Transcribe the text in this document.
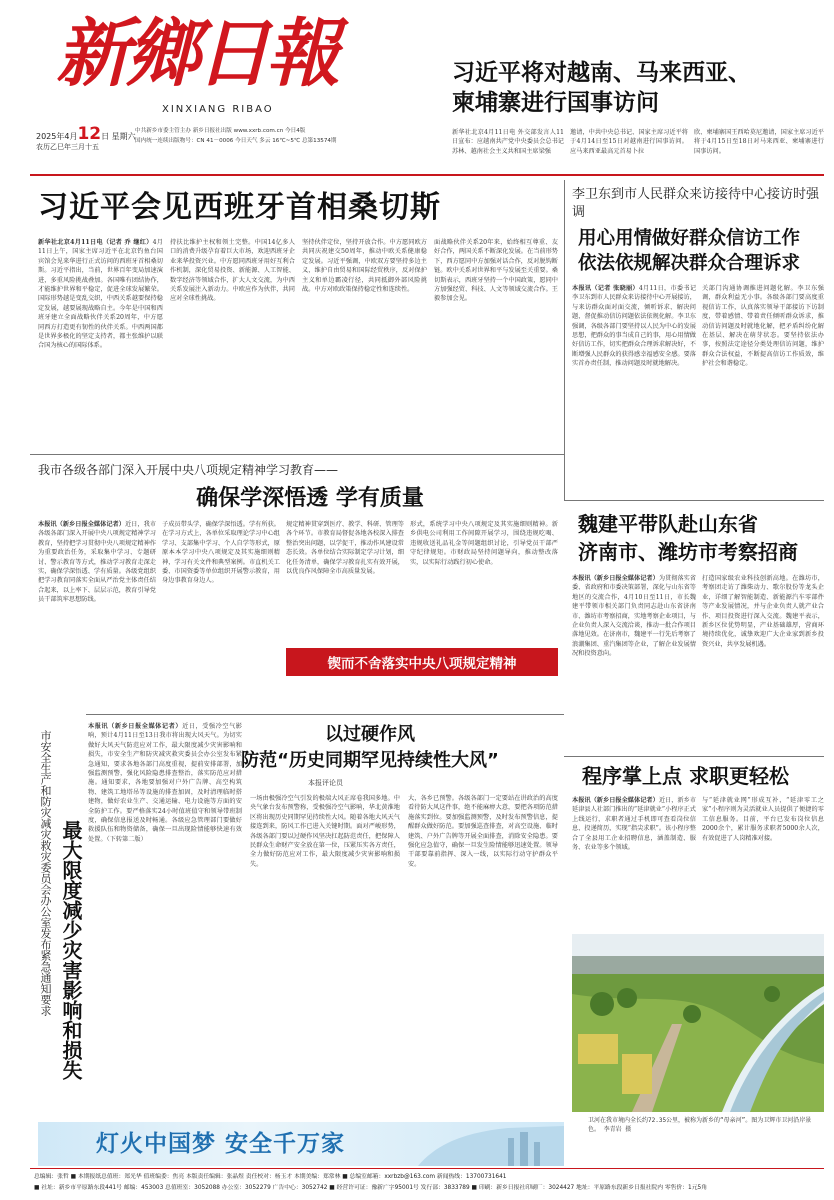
新鄉日報
XINXIANG RIBAO
2025年4月12日 星期六
农历乙巳年三月十五
中共新乡市委主管主办 新乡日报社出版 www.xxrb.com.cn 今日4版
国内统一连续出版物号：CN 41－0006 今日天气 多云 16℃~5℃ 总第13574期
习近平将对越南、马来西亚、
柬埔寨进行国事访问
新华社北京4月11日电 外交部发言人11日宣布：应越南共产党中央委员会总书记苏林、越南社会主义共和国主席梁强
邀请，中共中央总书记、国家主席习近平将于4月14日至15日对越南进行国事访问。应马来西亚最高元首易卜拉
欣、柬埔寨国王西哈莫尼邀请，国家主席习近平将于4月15日至18日对马来西亚、柬埔寨进行国事访问。
习近平会见西班牙首相桑切斯
新华社北京4月11日电（记者 乔 继红）4月11日上午，国家主席习近平在北京钓鱼台国宾馆会见来华进行正式访问的西班牙首相桑切斯。习近平指出，当前，世界百年变局加速演进，多重风险挑战叠加。各国唯有团结协作，才能维护世界和平稳定，促进全球发展繁荣。国际形势越是变乱交织，中西关系越要保持稳定发展，越要展现战略自主。今年是中国和西班牙建立全面战略伙伴关系20周年，中方愿同西方打造更有韧性的伙伴关系。中西两国都是世界多极化的坚定支持者，都主张维护以联合国为核心的国际体系。
持扶比维护主权和领土完整。中国14亿多人口的消费升级孕育着巨大市场，欢迎西班牙企业来华投资兴业。中方愿同西班牙用好互利合作机制，深化贸易投资、新能源、人工智能、数字经济等领域合作，扩大人文交流，为中西关系发展注入新动力。中欧应作为伙伴，共同应对全球性挑战。
坚持伙伴定位，坚持开放合作。中方愿同欧方共同庆祝建交50周年，推动中欧关系健康稳定发展。习近平强调，中欧双方要坚持多边主义，维护自由贸易和国际经贸秩序，反对保护主义和单边霸凌行径，共同抵御外部风险挑战。中方对欧政策保持稳定性和连续性。
面战略伙伴关系20年来，始终相互尊重、友好合作，两国关系不断深化发展。在当前形势下，西方愿同中方加强对话合作，反对脱钩断链。欧中关系对世界和平与发展至关重要。桑切斯表示，西班牙坚持一个中国政策，愿同中方加强经贸、科技、人文等领域交流合作。王毅参加会见。
李卫东到市人民群众来访接待中心接访时强调
用心用情做好群众信访工作
依法依规解决群众合理诉求
本报讯（记者 张晓丽）4月11日，市委书记李卫东到市人民群众来访接待中心开展接访，与来访群众面对面交流，倾听诉求、解决问题，督促推动信访问题依法依规化解。李卫东强调，各级各部门要坚持以人民为中心的发展思想，把群众的事当成自己的事，用心用情做好信访工作，切实把群众合理诉求解决好，不断增强人民群众的获得感幸福感安全感。要落实首办责任制，推动问题及时就地解决。
关部门沟通协调推进问题化解。李卫东强调，群众利益无小事。各级各部门要高度重视信访工作，认真落实领导干部接访下访制度，带着感情、带着责任倾听群众诉求，推动信访问题及时就地化解，把矛盾纠纷化解在基层、解决在萌芽状态。要坚持依法办事，按照法定途径分类处理信访问题，维护群众合法权益，不断提高信访工作质效，维护社会和谐稳定。
我市各级各部门深入开展中央八项规定精神学习教育——
确保学深悟透 学有质量
本报讯（新乡日报全媒体记者）近日，我市各级各部门深入开展中央八项规定精神学习教育，坚持把学习贯彻中央八项规定精神作为重要政治任务，采取集中学习、专题研讨、警示教育等方式，推动学习教育走深走实，确保学深悟透、学有质量。各级党组织把学习教育同落实全面从严治党主体责任结合起来，以上率下、层层示范，教育引导党员干部筑牢思想防线。
子成员带头学，确保学深悟透。学有所获。在学习方式上，各单位采取理论学习中心组学习、支部集中学习、个人自学等形式，原原本本学习中央八项规定及其实施细则精神，学习有关文件和典型案例。市直机关工委、市国资委等单位组织开展警示教育，用身边事教育身边人。
规定精神贯穿到医疗、教学、科研、管理等各个环节。市教育局督促各地各校深入排查整治突出问题，以学促干，推动作风建设常态长效。各单位结合实际制定学习计划，细化任务清单，确保学习教育扎实有效开展，以优良作风保障全市高质量发展。
形式，系统学习中央八项规定及其实施细则精神。新乡供电公司利用工作间隙开展学习，围绕违规吃喝、违规收送礼品礼金等问题组织讨论，引导党员干部严守纪律规矩。市财政局坚持问题导向，推动整改落实，以实际行动践行初心使命。
锲而不舍落实中央八项规定精神
魏建平带队赴山东省
济南市、潍坊市考察招商
本报讯（新乡日报全媒体记者）为贯彻落实省委、省政府和市委决策部署，深化与山东省等地区的交流合作，4月10日至11日，市长魏建平带领市相关部门负责同志赴山东省济南市、潍坊市考察招商，实地考察企业项目，与企业负责人深入交流洽谈，推动一批合作项目落地见效。在济南市，魏建平一行先后考察了浪潮集团、重汽集团等企业，了解企业发展情况和投资意向。
打造国家级农业科技创新高地。在潍坊市，考察团走访了潍柴动力、歌尔股份等龙头企业，详细了解智能制造、新能源汽车零部件等产业发展情况，并与企业负责人就产业合作、项目投资进行深入交流。魏建平表示，新乡区位优势明显，产业基础雄厚，营商环境持续优化，诚挚欢迎广大企业家到新乡投资兴业，共享发展机遇。
以过硬作风
防范“历史同期罕见持续性大风”
本报评论员
一场由极强冷空气引发的极端大风正席卷我国多地。中央气象台发布预警称，受极强冷空气影响，华北黄淮地区将出现历史同期罕见持续性大风。随着各地大风天气接连到来，防风工作已进入关键时期。面对严峻形势，各级各部门要以过硬作风坚决扛起防范责任，把保障人民群众生命财产安全放在第一位，压紧压实各方责任，全力做好防范应对工作，最大限度减少灾害影响和损失。
大，各乡已预警。各级各部门一定要站在讲政治的高度看待防大风这件事，绝不能麻痹大意，要把各项防范措施落实到位。要加强监测预警，及时发布预警信息，提醒群众做好防范。要加强巡查排查，对高空设施、临时建筑、户外广告牌等开展全面排查，消除安全隐患。要强化应急值守，确保一旦发生险情能够迅速处置。领导干部要靠前指挥、深入一线，以实际行动守护群众平安。
市安全生产和防灾减灾救灾委员会办公室发布紧急通知要求 最大限度减少灾害影响和损失
本报讯（新乡日报全媒体记者）近日，受强冷空气影响，预计4月11日至13日我市将出现大风天气。为切实做好大风天气防范应对工作，最大限度减少灾害影响和损失，市安全生产和防灾减灾救灾委员会办公室发布紧急通知，要求各地各部门高度重视，提前安排部署，加强监测预警，强化风险隐患排查整治，落实防范应对措施。通知要求，各地要加强对户外广告牌、高空构筑物、建筑工地塔吊等设施的排查加固，及时清理临时搭建物，做好农业生产、交通运输、电力设施等方面的安全防护工作。要严格落实24小时值班值守和领导带班制度，确保信息报送及时畅通。各级应急管理部门要做好救援队伍和物资储备，确保一旦出现险情能够快速有效处置。（下转第二版）
程序掌上点 求职更轻松
本报讯（新乡日报全媒体记者）近日，新乡市延津县人社部门推出的“延津就业”小程序正式上线运行，求职者通过手机即可查看岗位信息、投递简历，实现“指尖求职”。该小程序整合了全县用工企业招聘信息，涵盖制造、服务、农业等多个领域。
与“延津就业网”形成互补，“延津零工之家”小程序则为灵活就业人员提供了便捷的零工信息服务。目前，平台已发布岗位信息2000余个，累计服务求职者5000余人次，有效促进了人岗精准对接。
卫河在我市境内全长约72.35公里，被称为新乡的“母亲河”。图为卫辉市卫河沿岸景色。 李青岩 摄
灯火中国梦 安全千万家
总编辑：张哲 ■ 本期报纸总值班：郑光华 值班编委：焦亮 本版责任编辑：张晶煜 责任校对：杨玉才 本期美编：郑常林 ■ 总编室邮箱：xxrbzb@163.com 新闻热线：13700731641
■ 社址：新乡市平原路东段441号 邮编：453003 总值班室：3052088 办公室：3052279 广告中心：3052742 ■ 经营许可证：豫新广字95001号 发行部：3833789 ■ 印刷：新乡日报社印刷厂：3024427 地址：平原路东段新乡日报社院内 零售价：1元5角
